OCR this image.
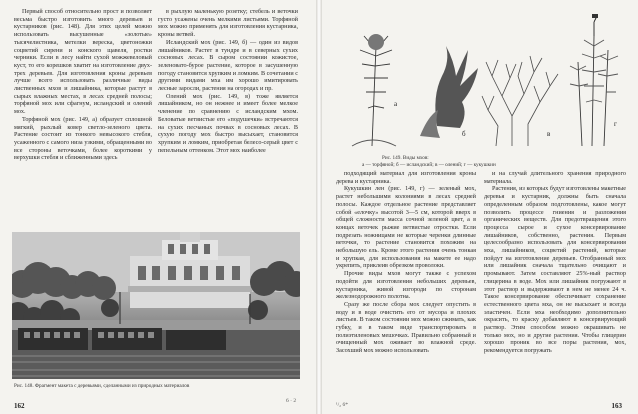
Первый способ относительно прост и позволяет весьма быстро изготовить много деревьев и кустарников (рис. 148). Для этих целей можно использовать высушенные «золотые» тысячелистника, метелки вереска, цветоножки соцветий сирени и конского щавеля, ростки черники. Если в лесу найти сухой можжевеловый куст, то его корешков хватит на изготовление двух-трех деревьев. Для изготовления кроны деревьев лучше всего использовать различные виды лиственных мхов и лишайника, которые растут в сырых влажных местах, в лесах средней полосы; торфяной мох или сфагнум, исландский и олений мох.

Торфяной мох (рис. 149, а) образует сплошной мягкий, рыхлый ковер светло-зеленого цвета. Растение состоит из тонкого невысокого стебля, усаженного с самого низа узкими, обращенными во все стороны веточками, более короткими у верхушки стебля и сближенными здесь

в рыхлую маленькую розетку; стебель и веточки густо усажены очень мелкими листьями. Торфяной мох можно применять для изготовления кустарника, кроны ветвей.

Исландский мох (рис. 149, б) — один из видов лишайников. Растет в тундре и в северных сухих сосновых лесах. В сыром состоянии кожистое, зеленовато-бурое растение, которое в засушенную погоду становится хрупким и ломким. В сочетании с другими видами мха им хорошо имитировать лесные заросли, растения на огородах и пр.

Олений мох (рис. 149, в) тоже является лишайником, но он нежнее и имеет более мелкое членение по сравнению с исландским мхом. Беловатые ветвистые его «подушечки» встречаются на сухих песчаных почвах в сосновых лесах. В сухую погоду мох быстро высыхает, становится хрупким и ломким, приобретая белесо-серый цвет с пепельным оттенком. Этот мох наиболее

Рис. 148. Фрагмент макета с деревьями, сделанными из природных материалов
162
6 · 2
а
б	в
г
Рис. 149. Виды мхов:
а — торфяной; б — исландский; в — олений; г — кукушкин

подходящий материал для изготовления кроны дерева и кустарника.

Кукушкин лен (рис. 149, г) — зеленый мох, растет небольшими колониями в лесах средней полосы. Каждое отдельное растение представляет собой «елочку» высотой 3—5 см, которой вверх в общей сложности масса сочной зеленой цвет, а в концах веточек рыжие ветвистые отростки. Если подрезать ножницами не которые черенки длинные веточки, то растение становится похожим на небольшую ель. Кроме этого растения очень тонкая и хрупкая, для использования на макете ее надо укрепить, приклеив обрезком проволоки.

Прочие виды мхов могут также с успехом подойти для изготовления небольших деревьев, кустарника, живой изгороди по сторонам железнодорожного полотна.

Сразу же после сбора мох следует опустить в воду и в воде очистить его от мусора и плохих листьев. В таком состоянии мох можно сжимать, как губку, и в таком виде транспортировать в полиэтиленовых мешочках. Правильно собранный и очищенный мох оживает во влажной среде. Засохший мох можно использовать

и на случай длительного хранения природного материала.

Растения, из которых будут изготовлены макетные деревья и кустарник, должны быть сначала определенным образом подготовлены, какое могут позволить процессе гниения и разложения органических веществ. Для предотвращения этого процесса сырое и сухое консервирование лишайников, собственно, растения. Первым целесообразно использовать для консервирования мха, лишайников, соцветий растений, которые пойдут на изготовление деревьев. Отобранный мох или лишайник сначала тщательно очищают и промывают. Затем составляют 25%-ный раствор глицерина в воде. Мох или лишайник погружают в этот раствор и выдерживают в нем не менее 24 ч. Такое консервирование обеспечивает сохранение естественного цвета мха, он не высыхает и всегда эластичен. Если мха необходимо дополнительно окрасить, то краску добавляют в консервирующий раствор. Этим способом можно окрашивать не только мох, но и другие растения. Чтобы глицерин хорошо проник во все поры растения, мох, рекомендуется погружать

¹/₂ 6*	163
